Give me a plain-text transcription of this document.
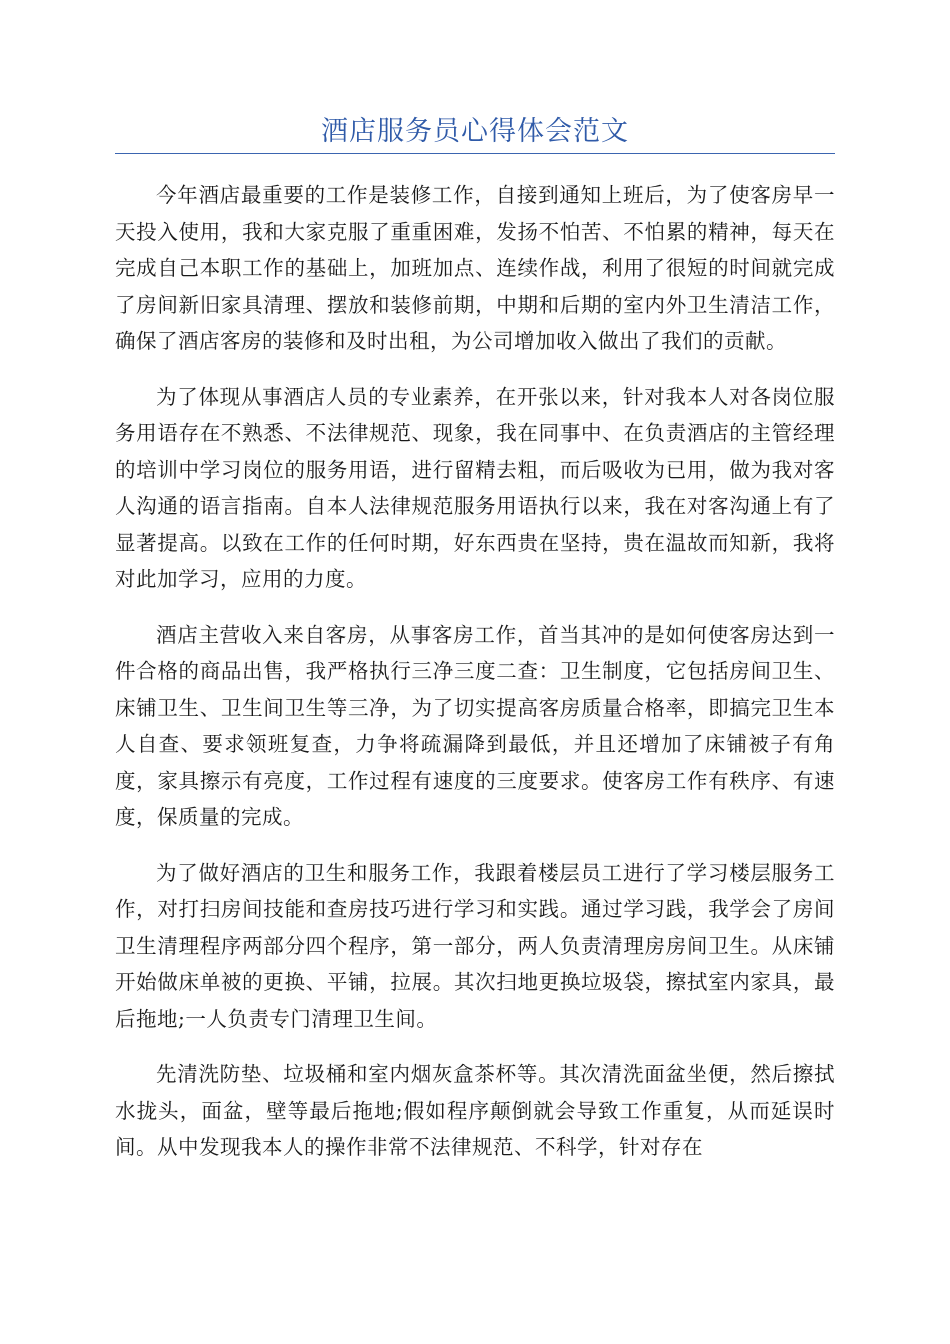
酒店服务员心得体会范文

今年酒店最重要的工作是装修工作，自接到通知上班后，为了使客房早一天投入使用，我和大家克服了重重困难，发扬不怕苦、不怕累的精神，每天在完成自己本职工作的基础上，加班加点、连续作战，利用了很短的时间就完成了房间新旧家具清理、摆放和装修前期，中期和后期的室内外卫生清洁工作，确保了酒店客房的装修和及时出租，为公司增加收入做出了我们的贡献。

为了体现从事酒店人员的专业素养，在开张以来，针对我本人对各岗位服务用语存在不熟悉、不法律规范、现象，我在同事中、在负责酒店的主管经理的培训中学习岗位的服务用语，进行留精去粗，而后吸收为已用，做为我对客人沟通的语言指南。自本人法律规范服务用语执行以来，我在对客沟通上有了显著提高。以致在工作的任何时期，好东西贵在坚持，贵在温故而知新，我将对此加学习，应用的力度。

酒店主营收入来自客房，从事客房工作，首当其冲的是如何使客房达到一件合格的商品出售，我严格执行三净三度二查：卫生制度，它包括房间卫生、床铺卫生、卫生间卫生等三净，为了切实提高客房质量合格率，即搞完卫生本人自查、要求领班复查，力争将疏漏降到最低，并且还增加了床铺被子有角度，家具擦示有亮度，工作过程有速度的三度要求。使客房工作有秩序、有速度，保质量的完成。

为了做好酒店的卫生和服务工作，我跟着楼层员工进行了学习楼层服务工作，对打扫房间技能和查房技巧进行学习和实践。通过学习践，我学会了房间卫生清理程序两部分四个程序，第一部分，两人负责清理房房间卫生。从床铺开始做床单被的更换、平铺，拉展。其次扫地更换垃圾袋，擦拭室内家具，最后拖地;一人负责专门清理卫生间。

先清洗防垫、垃圾桶和室内烟灰盒茶杯等。其次清洗面盆坐便，然后擦拭水拢头，面盆，壁等最后拖地;假如程序颠倒就会导致工作重复，从而延误时间。从中发现我本人的操作非常不法律规范、不科学，针对存在
